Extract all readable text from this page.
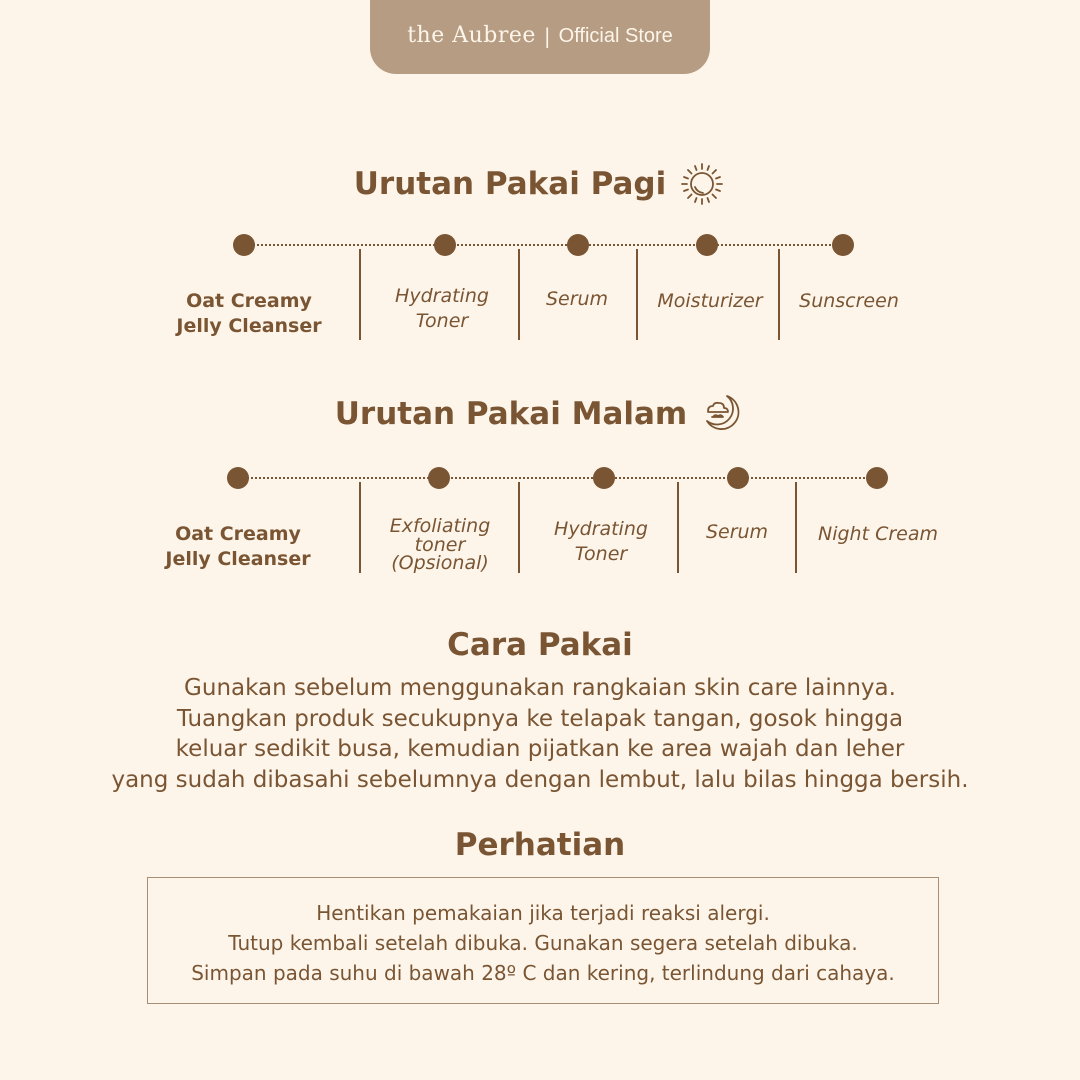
the Aubree | Official Store
Urutan Pakai Pagi
Oat Creamy
Jelly Cleanser
Hydrating
Toner
Serum	Moisturizer Sunscreen
Urutan Pakai Malam
Oat Creamy
Jelly Cleanser
Exfoliating
toner
(Opsional)
Hydrating
Toner
Serum	Night Cream
Cara Pakai
Gunakan sebelum menggunakan rangkaian skin care lainnya.
Tuangkan produk secukupnya ke telapak tangan, gosok hingga
keluar sedikit busa, kemudian pijatkan ke area wajah dan leher
yang sudah dibasahi sebelumnya dengan lembut, lalu bilas hingga bersih.
Perhatian
Hentikan pemakaian jika terjadi reaksi alergi.
Tutup kembali setelah dibuka. Gunakan segera setelah dibuka.
Simpan pada suhu di bawah 28º C dan kering, terlindung dari cahaya.
